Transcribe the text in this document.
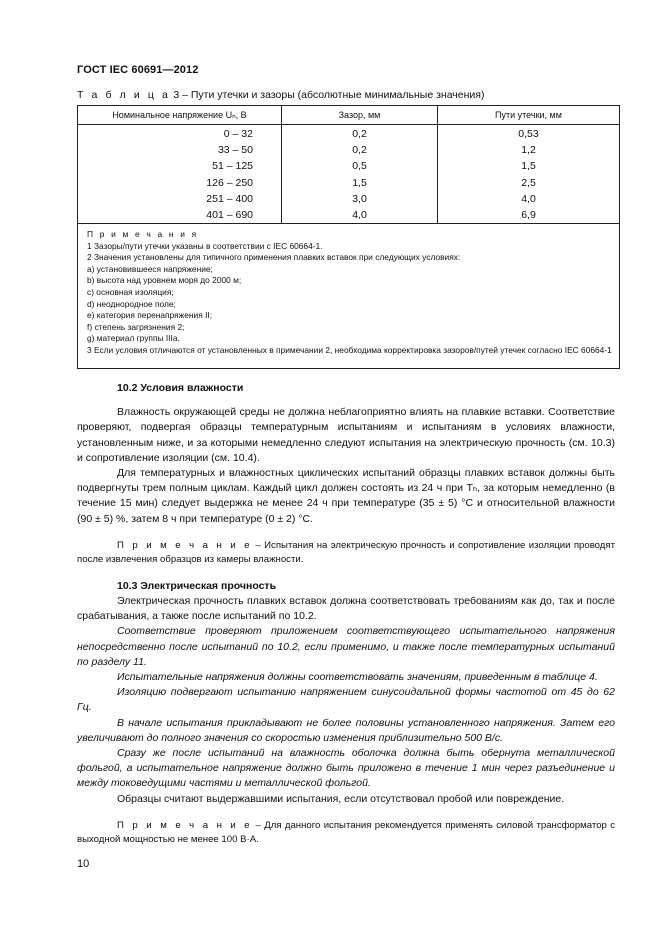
ГОСТ IEC 60691—2012
Т а б л и ц а 3 – Пути утечки и зазоры (абсолютные минимальные значения)
Номинальное напряжение Uₙ, В	Зазор, мм	Пути утечки, мм
0 – 32
33 – 50
51 – 125
126 – 250
251 – 400
401 – 690
0,2
0,2
0,5
1,5
3,0
4,0
0,53
1,2
1,5
2,5
4,0
6,9
П р и м е ч а н и я
1 Зазоры/пути утечки указаны в соответствии с IEC 60664-1.
2 Значения установлены для типичного применения плавких вставок при следующих условиях:
a) установившееся напряжение;
b) высота над уровнем моря до 2000 м;
c) основная изоляция;
d) неоднородное поле;
e) категория перенапряжения II;
f) степень загрязнения 2;
g) материал группы IIIa.
3 Если условия отличаются от установленных в примечании 2, необходима корректировка зазоров/путей утечек согласно IEC 60664-1

10.2 Условия влажности

Влажность окружающей среды не должна неблагоприятно влиять на плавкие вставки. Соответствие проверяют, подвергая образцы температурным испытаниям и испытаниям в условиях влажности, установленным ниже, и за которыми немедленно следуют испытания на электрическую прочность (см. 10.3) и сопротивление изоляции (см. 10.4).

Для температурных и влажностных циклических испытаний образцы плавких вставок должны быть подвергнуты трем полным циклам. Каждый цикл должен состоять из 24 ч при Tₕ, за которым немедленно (в течение 15 мин) следует выдержка не менее 24 ч при температуре (35 ± 5) °C и относительной влажности (90 ± 5) %, затем 8 ч при температуре (0 ± 2) °C.

П р и м е ч а н и е – Испытания на электрическую прочность и сопротивление изоляции проводят после извлечения образцов из камеры влажности.

10.3 Электрическая прочность

Электрическая прочность плавких вставок должна соответствовать требованиям как до, так и после срабатывания, а также после испытаний по 10.2.

Соответствие проверяют приложением соответствующего испытательного напряжения непосредственно после испытаний по 10.2, если применимо, и также после температурных испытаний по разделу 11.

Испытательные напряжения должны соответствовать значениям, приведенным в таблице 4.

Изоляцию подвергают испытанию напряжением синусоидальной формы частотой от 45 до 62 Гц.

В начале испытания прикладывают не более половины установленного напряжения. Затем его увеличивают до полного значения со скоростью изменения приблизительно 500 В/с.

Сразу же после испытаний на влажность оболочка должна быть обернута металлической фольгой, а испытательное напряжение должно быть приложено в течение 1 мин через разъединение и между токоведущими частями и металлической фольгой.

Образцы считают выдержавшими испытания, если отсутствовал пробой или повреждение.

П р и м е ч а н и е – Для данного испытания рекомендуется применять силовой трансформатор с выходной мощностью не менее 100 В·А.

10
